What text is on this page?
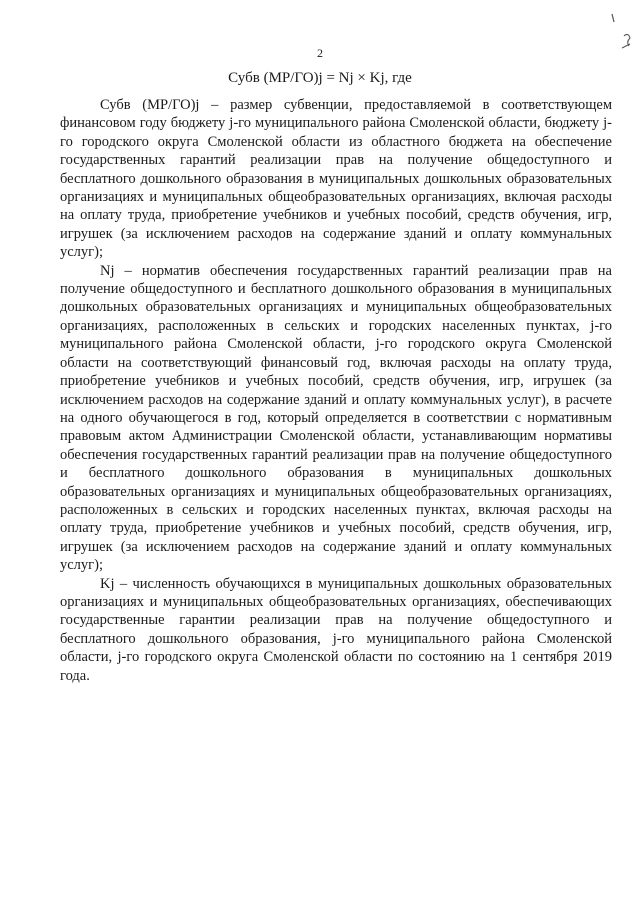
2
Субв (МР/ГО)j = Nj × Kj, где

Субв (МР/ГО)j – размер субвенции, предоставляемой в соответствующем финансовом году бюджету j-го муниципального района Смоленской области, бюджету j-го городского округа Смоленской области из областного бюджета на обеспечение государственных гарантий реализации прав на получение общедоступного и бесплатного дошкольного образования в муниципальных дошкольных образовательных организациях и муниципальных общеобразовательных организациях, включая расходы на оплату труда, приобретение учебников и учебных пособий, средств обучения, игр, игрушек (за исключением расходов на содержание зданий и оплату коммунальных услуг);

Nj – норматив обеспечения государственных гарантий реализации прав на получение общедоступного и бесплатного дошкольного образования в муниципальных дошкольных образовательных организациях и муниципальных общеобразовательных организациях, расположенных в сельских и городских населенных пунктах, j-го муниципального района Смоленской области, j-го городского округа Смоленской области на соответствующий финансовый год, включая расходы на оплату труда, приобретение учебников и учебных пособий, средств обучения, игр, игрушек (за исключением расходов на содержание зданий и оплату коммунальных услуг), в расчете на одного обучающегося в год, который определяется в соответствии с нормативным правовым актом Администрации Смоленской области, устанавливающим нормативы обеспечения государственных гарантий реализации прав на получение общедоступного и бесплатного дошкольного образования в муниципальных дошкольных образовательных организациях и муниципальных общеобразовательных организациях, расположенных в сельских и городских населенных пунктах, включая расходы на оплату труда, приобретение учебников и учебных пособий, средств обучения, игр, игрушек (за исключением расходов на содержание зданий и оплату коммунальных услуг);

Kj – численность обучающихся в муниципальных дошкольных образовательных организациях и муниципальных общеобразовательных организациях, обеспечивающих государственные гарантии реализации прав на получение общедоступного и бесплатного дошкольного образования, j-го муниципального района Смоленской области, j-го городского округа Смоленской области по состоянию на 1 сентября 2019 года.
